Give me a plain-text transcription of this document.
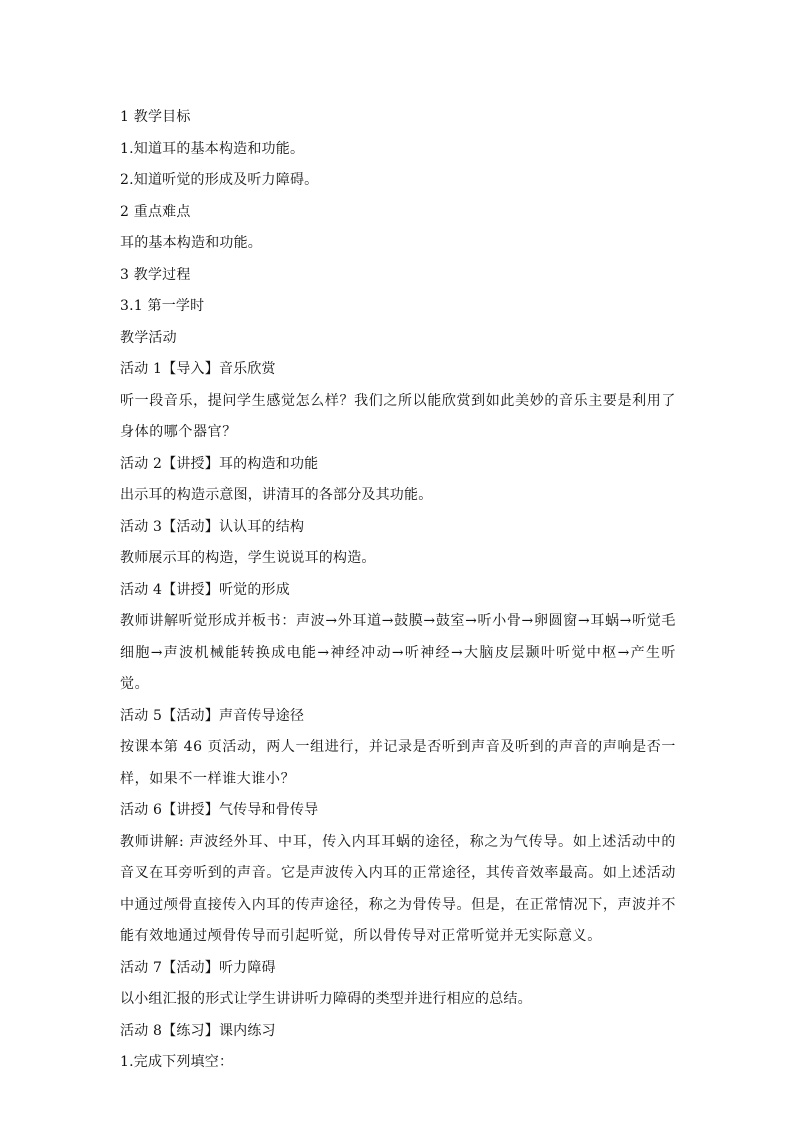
1 教学目标
1.知道耳的基本构造和功能。
2.知道听觉的形成及听力障碍。
2 重点难点
耳的基本构造和功能。
3 教学过程
3.1 第一学时
教学活动
活动 1【导入】音乐欣赏
听一段音乐，提问学生感觉怎么样？我们之所以能欣赏到如此美妙的音乐主要是利用了身体的哪个器官？
活动 2【讲授】耳的构造和功能
出示耳的构造示意图，讲清耳的各部分及其功能。
活动 3【活动】认认耳的结构
教师展示耳的构造，学生说说耳的构造。
活动 4【讲授】听觉的形成
教师讲解听觉形成并板书：声波→外耳道→鼓膜→鼓室→听小骨→卵圆窗→耳蜗→听觉毛细胞→声波机械能转换成电能→神经冲动→听神经→大脑皮层颞叶听觉中枢→产生听觉。
活动 5【活动】声音传导途径
按课本第 46 页活动，两人一组进行，并记录是否听到声音及听到的声音的声响是否一样，如果不一样谁大谁小？
活动 6【讲授】气传导和骨传导
教师讲解: 声波经外耳、中耳，传入内耳耳蜗的途径，称之为气传导。如上述活动中的音叉在耳旁听到的声音。它是声波传入内耳的正常途径，其传音效率最高。如上述活动中通过颅骨直接传入内耳的传声途径，称之为骨传导。但是，在正常情况下，声波并不能有效地通过颅骨传导而引起听觉，所以骨传导对正常听觉并无实际意义。
活动 7【活动】听力障碍
以小组汇报的形式让学生讲讲听力障碍的类型并进行相应的总结。
活动 8【练习】课内练习
1.完成下列填空：
